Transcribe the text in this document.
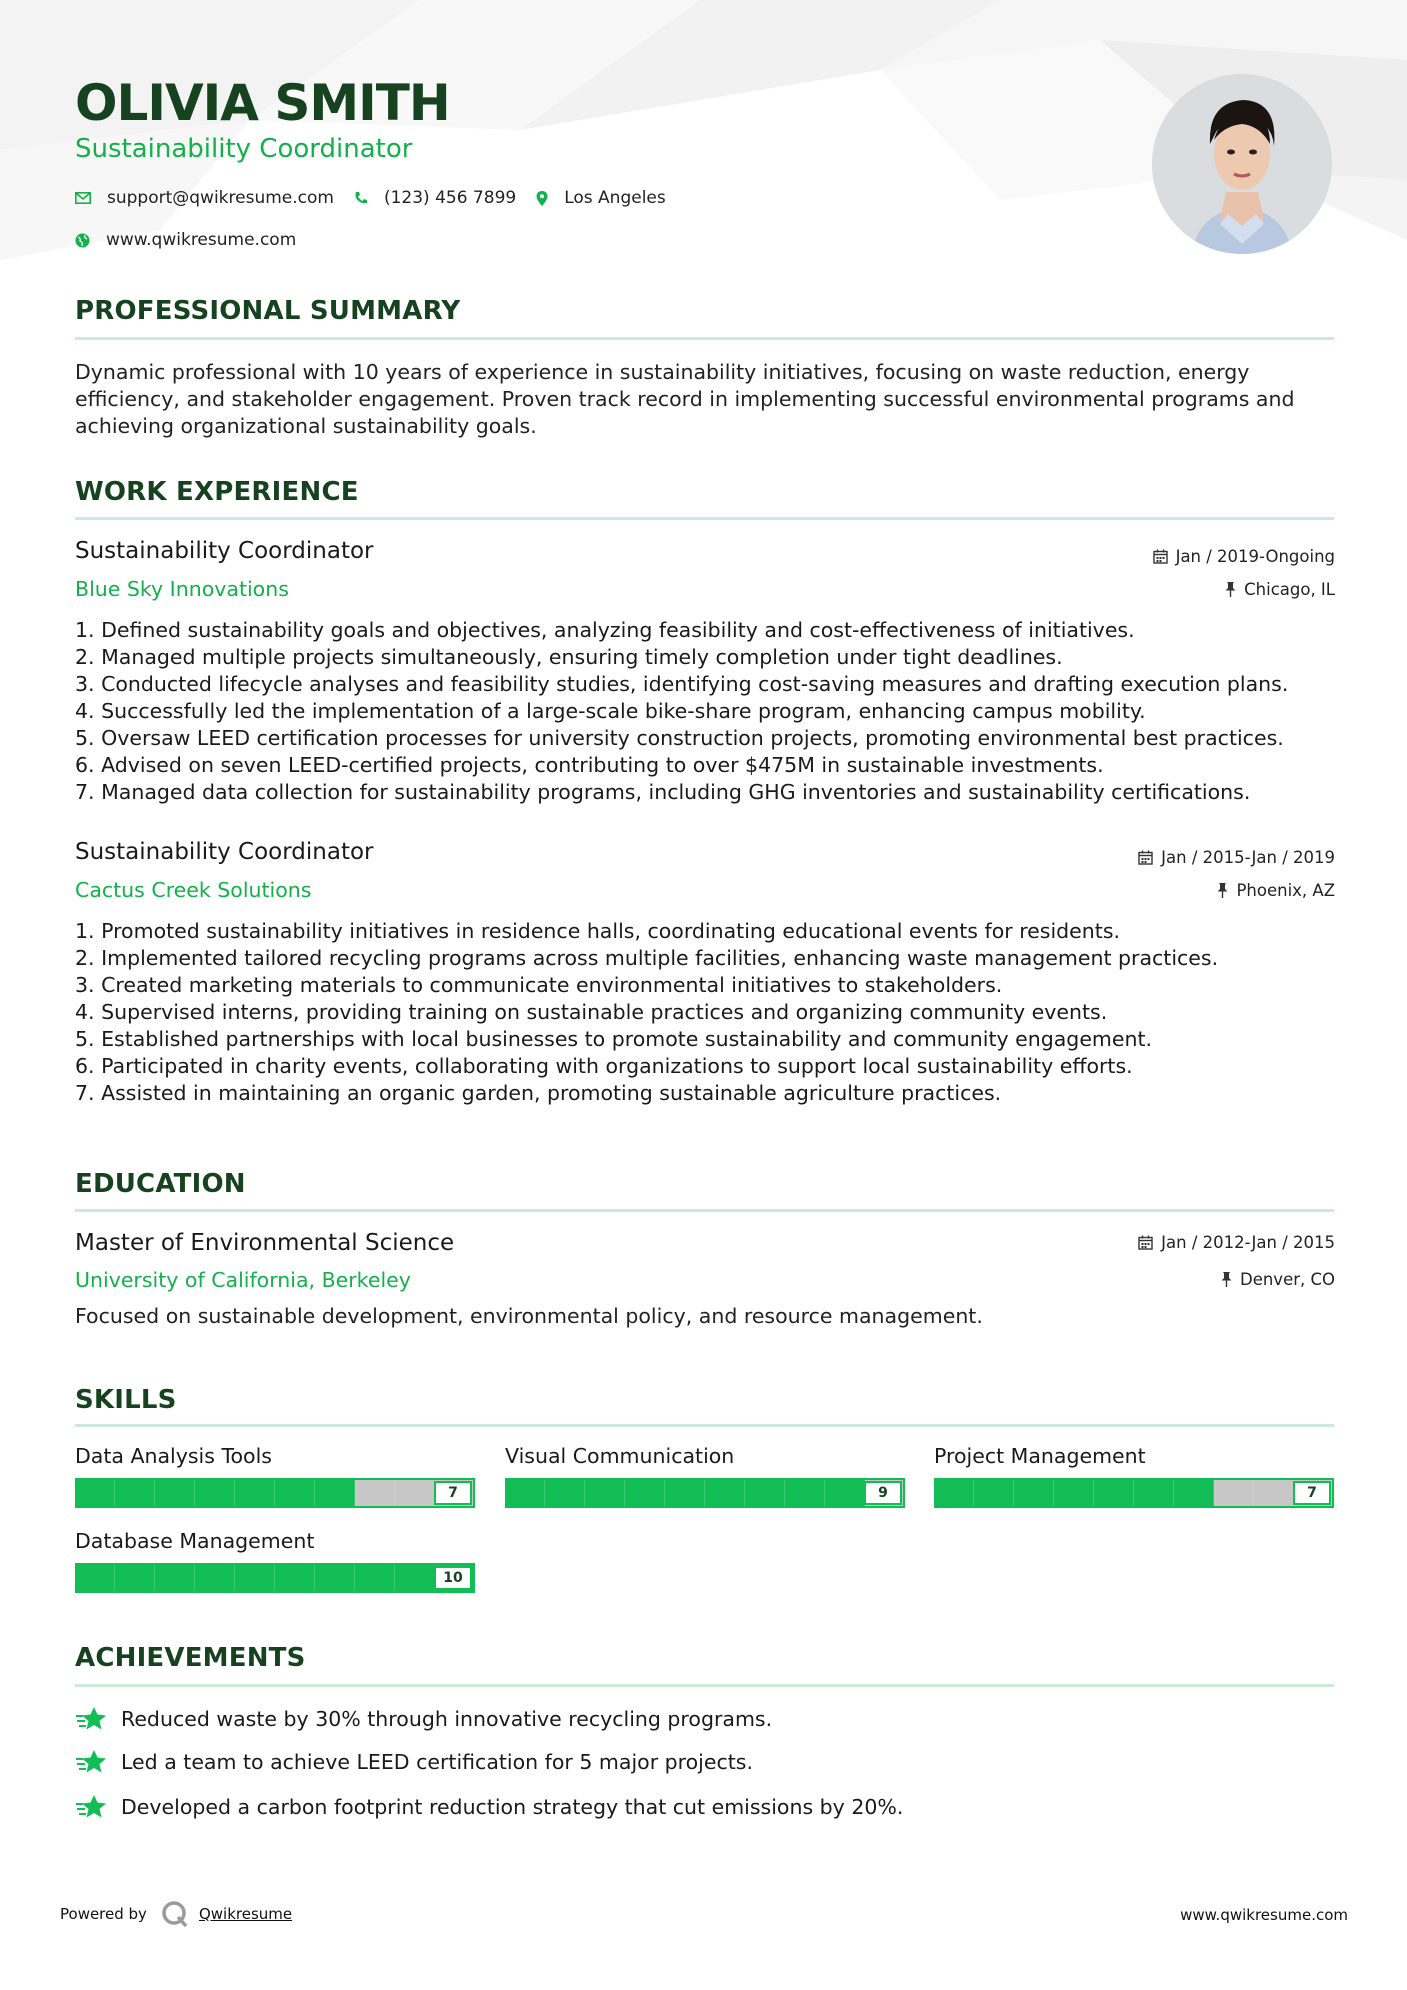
OLIVIA SMITH
Sustainability Coordinator
support@qwikresume.com	(123) 456 7899	Los Angeles
www.qwikresume.com
PROFESSIONAL SUMMARY
Dynamic professional with 10 years of experience in sustainability initiatives, focusing on waste reduction, energy efficiency, and stakeholder engagement. Proven track record in implementing successful environmental programs and achieving organizational sustainability goals.
WORK EXPERIENCE
Sustainability Coordinator	Jan / 2019-Ongoing
Blue Sky Innovations	Chicago, IL
1. Defined sustainability goals and objectives, analyzing feasibility and cost-effectiveness of initiatives.
2. Managed multiple projects simultaneously, ensuring timely completion under tight deadlines.
3. Conducted lifecycle analyses and feasibility studies, identifying cost-saving measures and drafting execution plans.
4. Successfully led the implementation of a large-scale bike-share program, enhancing campus mobility.
5. Oversaw LEED certification processes for university construction projects, promoting environmental best practices.
6. Advised on seven LEED-certified projects, contributing to over $475M in sustainable investments.
7. Managed data collection for sustainability programs, including GHG inventories and sustainability certifications.
Sustainability Coordinator	Jan / 2015-Jan / 2019
Cactus Creek Solutions	Phoenix, AZ
1. Promoted sustainability initiatives in residence halls, coordinating educational events for residents.
2. Implemented tailored recycling programs across multiple facilities, enhancing waste management practices.
3. Created marketing materials to communicate environmental initiatives to stakeholders.
4. Supervised interns, providing training on sustainable practices and organizing community events.
5. Established partnerships with local businesses to promote sustainability and community engagement.
6. Participated in charity events, collaborating with organizations to support local sustainability efforts.
7. Assisted in maintaining an organic garden, promoting sustainable agriculture practices.
EDUCATION
Master of Environmental Science	Jan / 2012-Jan / 2015
University of California, Berkeley	Denver, CO
Focused on sustainable development, environmental policy, and resource management.
SKILLS
Data Analysis Tools
7
Visual Communication
9
Project Management
7
Database Management
10
ACHIEVEMENTS
Reduced waste by 30% through innovative recycling programs.
Led a team to achieve LEED certification for 5 major projects.
Developed a carbon footprint reduction strategy that cut emissions by 20%.
Powered by	Qwikresume	www.qwikresume.com
